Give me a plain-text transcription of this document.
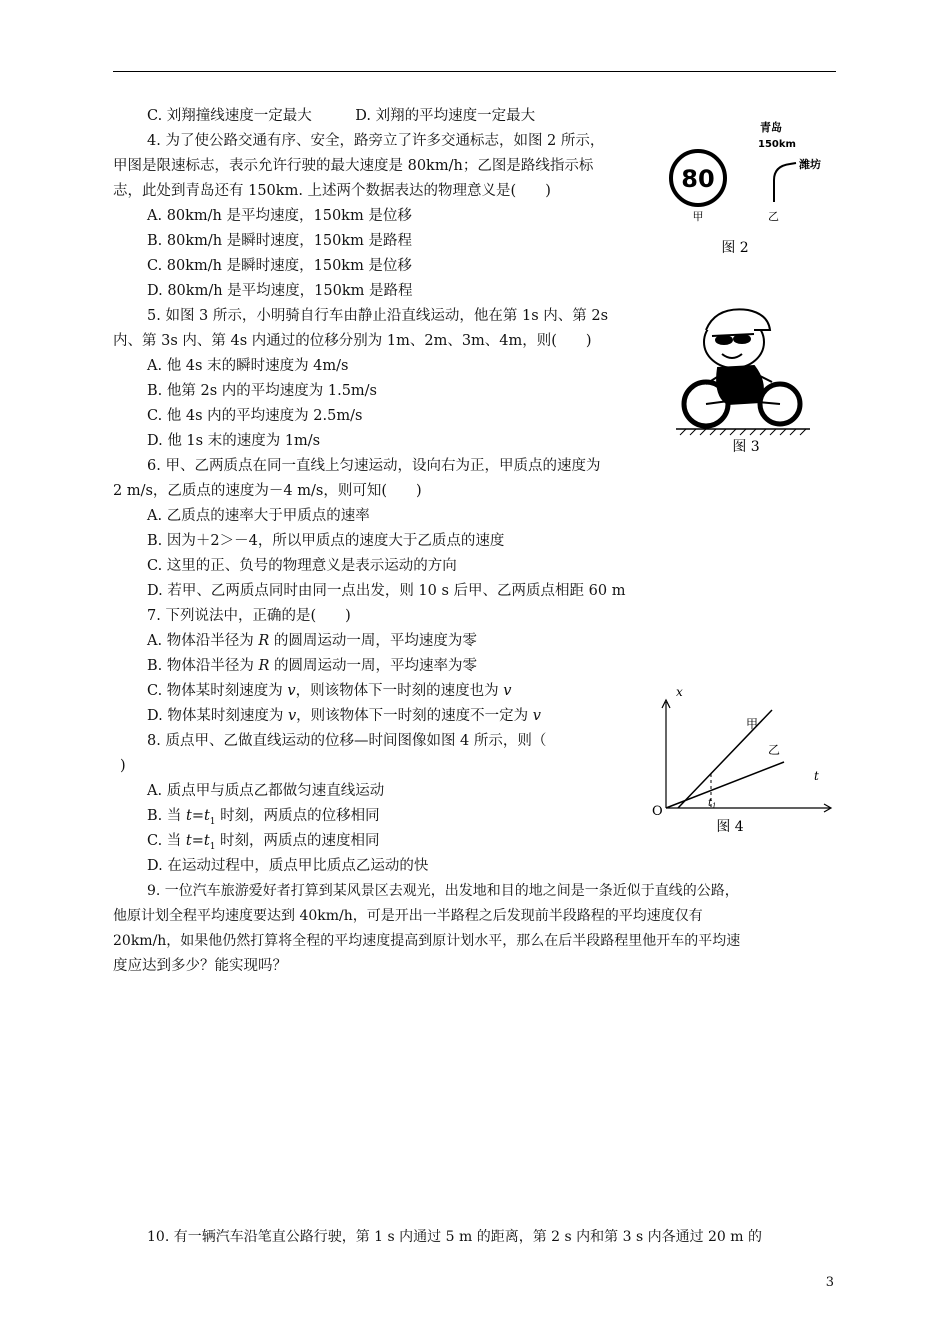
C. 刘翔撞线速度一定最大　　　D. 刘翔的平均速度一定最大
4. 为了使公路交通有序、安全，路旁立了许多交通标志，如图 2 所示，
甲图是限速标志，表示允许行驶的最大速度是 80km/h；乙图是路线指示标
志，此处到青岛还有 150km. 上述两个数据表达的物理意义是(　　)
A. 80km/h 是平均速度，150km 是位移
B. 80km/h 是瞬时速度，150km 是路程
C. 80km/h 是瞬时速度，150km 是位移
D. 80km/h 是平均速度，150km 是路程
5. 如图 3 所示，小明骑自行车由静止沿直线运动，他在第 1s 内、第 2s
内、第 3s 内、第 4s 内通过的位移分别为 1m、2m、3m、4m，则(　　)
A. 他 4s 末的瞬时速度为 4m/s
B. 他第 2s 内的平均速度为 1.5m/s
C. 他 4s 内的平均速度为 2.5m/s
D. 他 1s 末的速度为 1m/s
6. 甲、乙两质点在同一直线上匀速运动，设向右为正，甲质点的速度为
2 m/s，乙质点的速度为－4 m/s，则可知(　　)
A. 乙质点的速率大于甲质点的速率
B. 因为＋2＞－4，所以甲质点的速度大于乙质点的速度
C. 这里的正、负号的物理意义是表示运动的方向
D. 若甲、乙两质点同时由同一点出发，则 10 s 后甲、乙两质点相距 60 m
7. 下列说法中，正确的是(　　)
A. 物体沿半径为 R 的圆周运动一周，平均速度为零
B. 物体沿半径为 R 的圆周运动一周，平均速率为零
C. 物体某时刻速度为 v，则该物体下一时刻的速度也为 v
D. 物体某时刻速度为 v，则该物体下一时刻的速度不一定为 v
8. 质点甲、乙做直线运动的位移—时间图像如图 4 所示，则（
)
A. 质点甲与质点乙都做匀速直线运动
B. 当 $t=t_1$ 时刻，两质点的位移相同
C. 当 $t=t_1$ 时刻，两质点的速度相同
D. 在运动过程中，质点甲比质点乙运动的快
9. 一位汽车旅游爱好者打算到某风景区去观光，出发地和目的地之间是一条近似于直线的公路，
他原计划全程平均速度要达到 40km/h，可是开出一半路程之后发现前半段路程的平均速度仅有
20km/h，如果他仍然打算将全程的平均速度提高到原计划水平，那么在后半段路程里他开车的平均速
度应达到多少？能实现吗？
10. 有一辆汽车沿笔直公路行驶，第 1 s 内通过 5 m 的距离，第 2 s 内和第 3 s 内各通过 20 m 的
80
甲
青岛
150km
潍坊
乙
图 2
图 3
x
t
O
甲
乙
$t_1$
图 4
3
